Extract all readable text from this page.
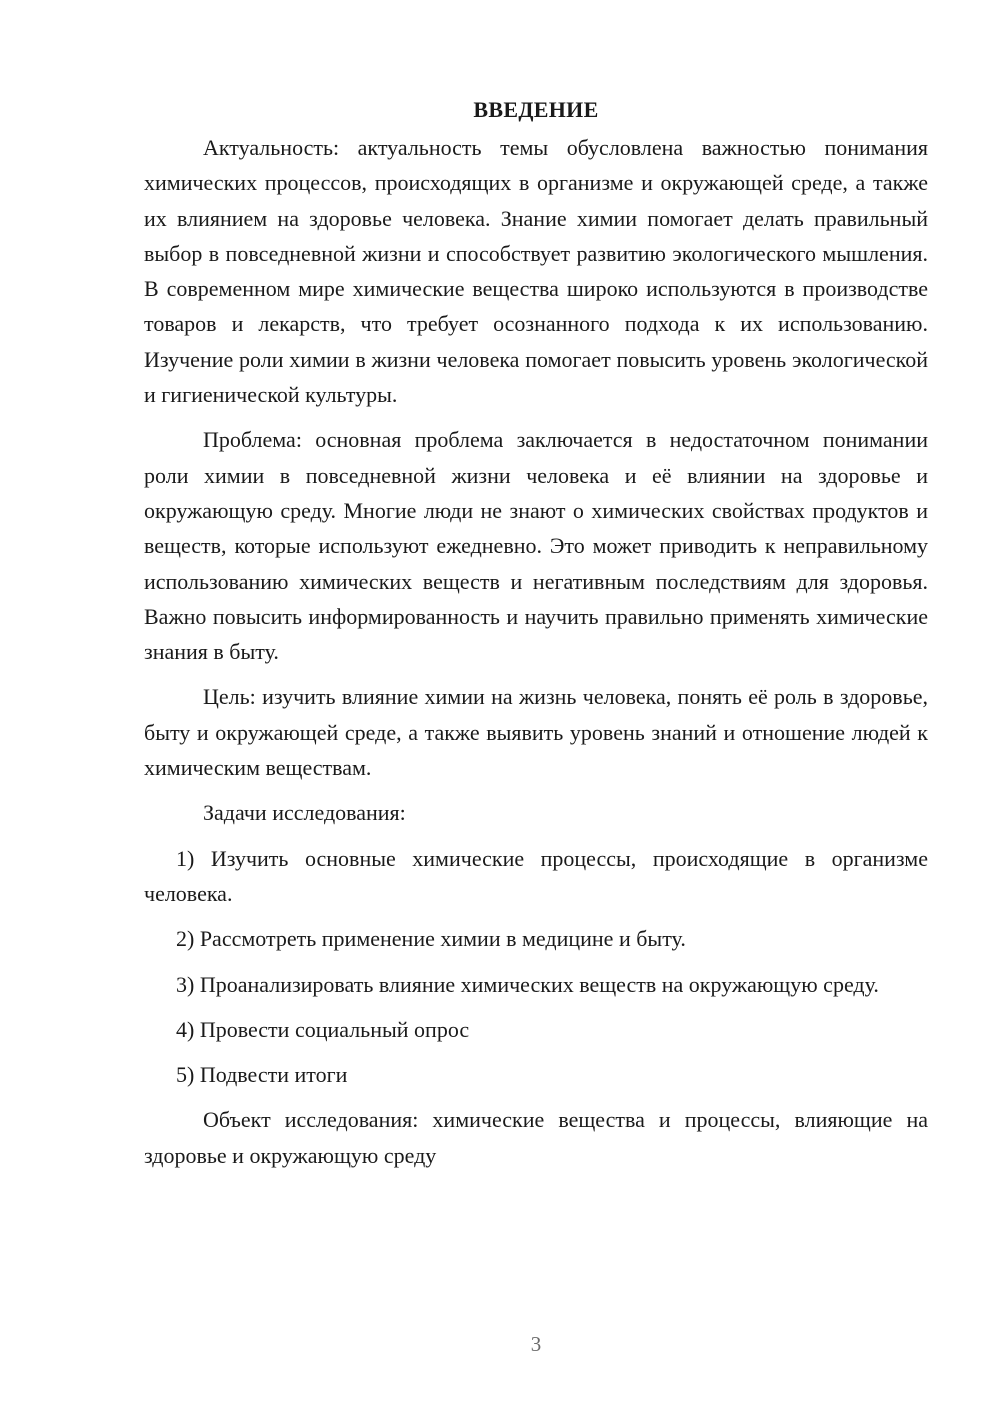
ВВЕДЕНИЕ

Актуальность: актуальность темы обусловлена важностью понимания химических процессов, происходящих в организме и окружающей среде, а также их влиянием на здоровье человека. Знание химии помогает делать правильный выбор в повседневной жизни и способствует развитию экологического мышления. В современном мире химические вещества широко используются в производстве товаров и лекарств, что требует осознанного подхода к их использованию. Изучение роли химии в жизни человека помогает повысить уровень экологической и гигиенической культуры.

Проблема: основная проблема заключается в недостаточном понимании роли химии в повседневной жизни человека и её влиянии на здоровье и окружающую среду. Многие люди не знают о химических свойствах продуктов и веществ, которые используют ежедневно. Это может приводить к неправильному использованию химических веществ и негативным последствиям для здоровья. Важно повысить информированность и научить правильно применять химические знания в быту.

Цель: изучить влияние химии на жизнь человека, понять её роль в здоровье, быту и окружающей среде, а также выявить уровень знаний и отношение людей к химическим веществам.

Задачи исследования:

1) Изучить основные химические процессы, происходящие в организме человека.

2) Рассмотреть применение химии в медицине и быту.

3) Проанализировать влияние химических веществ на окружающую среду.

4) Провести социальный опрос

5) Подвести итоги

Объект исследования: химические вещества и процессы, влияющие на здоровье и окружающую среду

3
